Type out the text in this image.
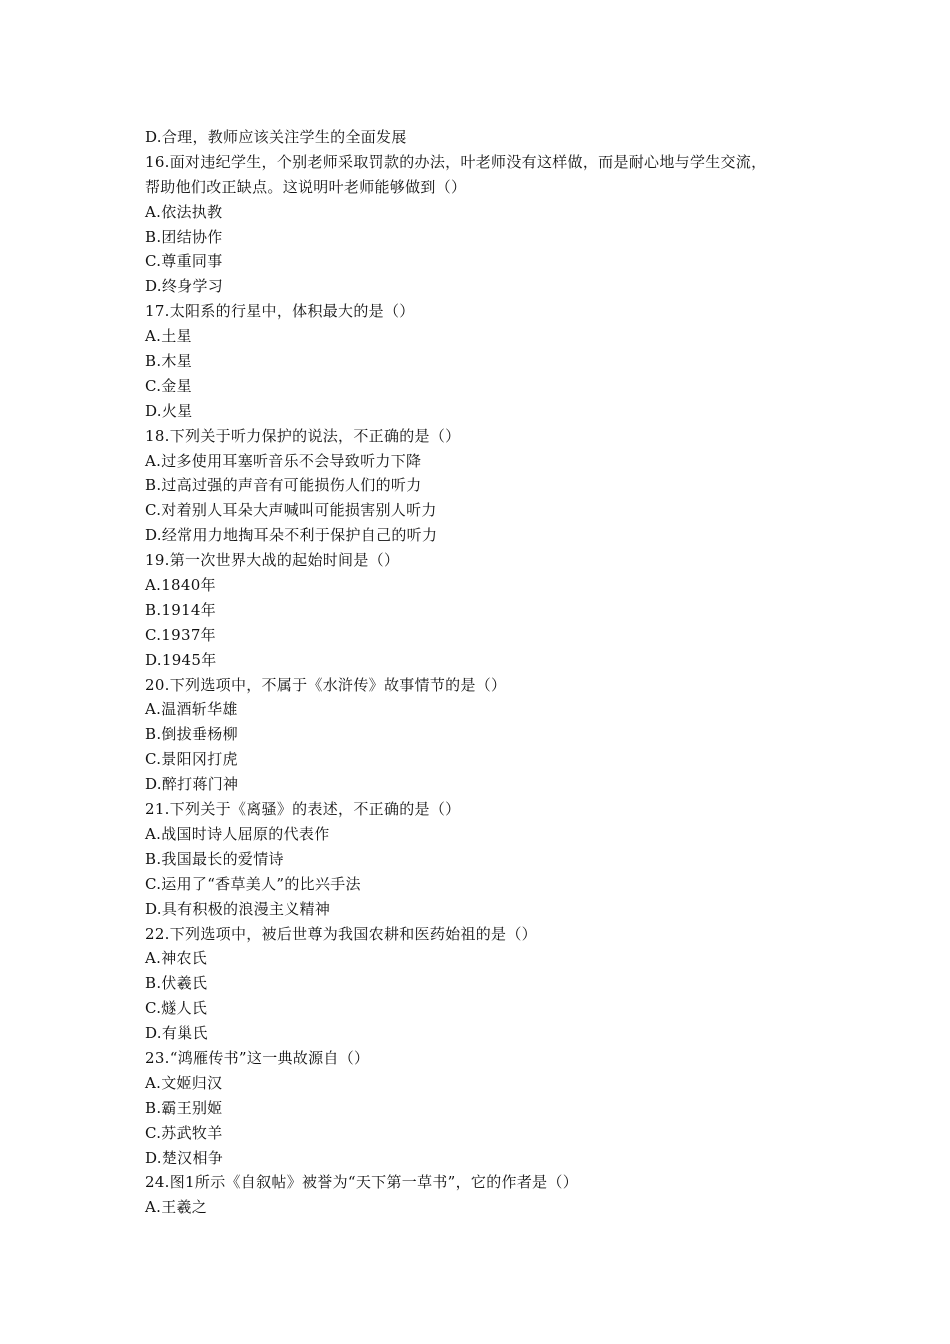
D.合理，教师应该关注学生的全面发展
16.面对违纪学生，个别老师采取罚款的办法，叶老师没有这样做，而是耐心地与学生交流，
帮助他们改正缺点。这说明叶老师能够做到（）
A.依法执教
B.团结协作
C.尊重同事
D.终身学习
17.太阳系的行星中，体积最大的是（）
A.土星
B.木星
C.金星
D.火星
18.下列关于听力保护的说法，不正确的是（）
A.过多使用耳塞听音乐不会导致听力下降
B.过高过强的声音有可能损伤人们的听力
C.对着别人耳朵大声喊叫可能损害别人听力
D.经常用力地掏耳朵不利于保护自己的听力
19.第一次世界大战的起始时间是（）
A.1840年
B.1914年
C.1937年
D.1945年
20.下列选项中，不属于《水浒传》故事情节的是（）
A.温酒斩华雄
B.倒拔垂杨柳
C.景阳冈打虎
D.醉打蒋门神
21.下列关于《离骚》的表述，不正确的是（）
A.战国时诗人屈原的代表作
B.我国最长的爱情诗
C.运用了“香草美人”的比兴手法
D.具有积极的浪漫主义精神
22.下列选项中，被后世尊为我国农耕和医药始祖的是（）
A.神农氏
B.伏羲氏
C.燧人氏
D.有巢氏
23.“鸿雁传书”这一典故源自（）
A.文姬归汉
B.霸王别姬
C.苏武牧羊
D.楚汉相争
24.图1所示《自叙帖》被誉为“天下第一草书”，它的作者是（）
A.王羲之
